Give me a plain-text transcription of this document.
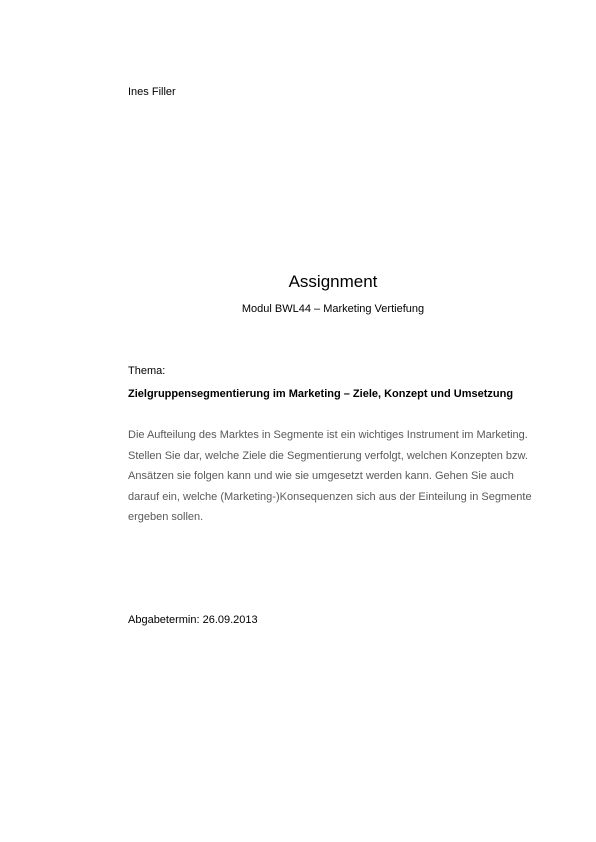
Ines Filler
Assignment
Modul BWL44 – Marketing Vertiefung
Thema:
Zielgruppensegmentierung im Marketing – Ziele, Konzept und Umsetzung
Die Aufteilung des Marktes in Segmente ist ein wichtiges Instrument im Marketing. Stellen Sie dar, welche Ziele die Segmentierung verfolgt, welchen Konzepten bzw. Ansätzen sie folgen kann und wie sie umgesetzt werden kann. Gehen Sie auch darauf ein, welche (Marketing-)Konsequenzen sich aus der Einteilung in Segmente ergeben sollen.
Abgabetermin: 26.09.2013
